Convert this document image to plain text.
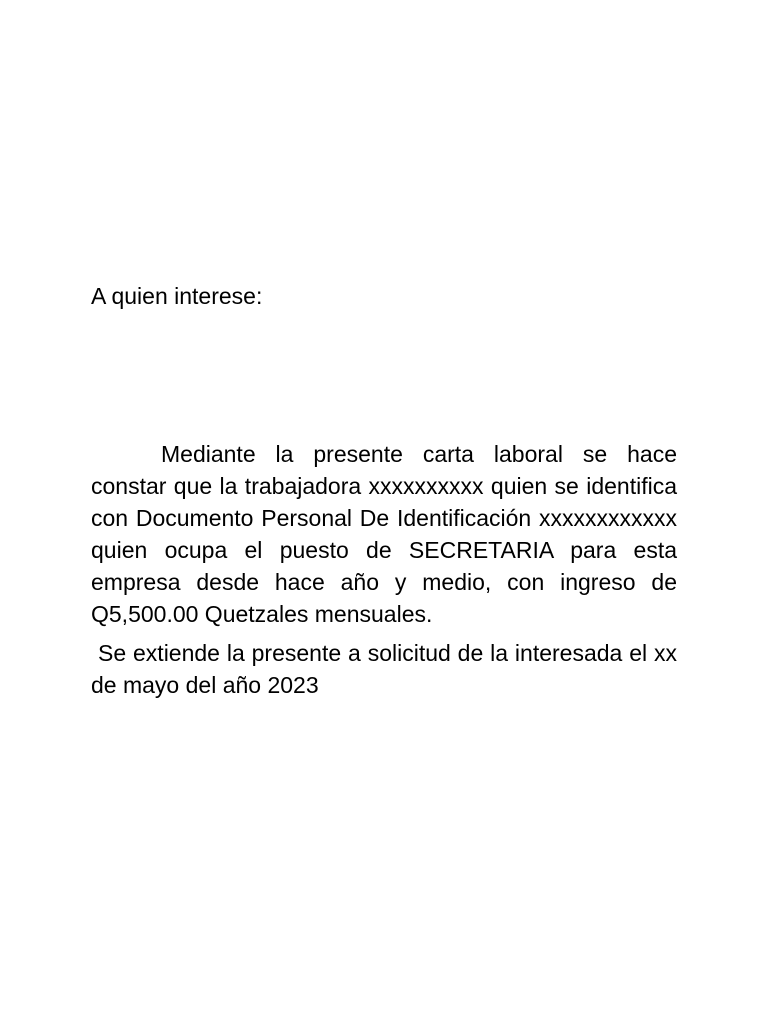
A quien interese:

Mediante la presente carta laboral se hace constar que la trabajadora xxxxxxxxxx quien se identifica con Documento Personal De Identificación xxxxxxxxxxxx quien ocupa el puesto de SECRETARIA para esta empresa desde hace año y medio, con ingreso de Q5,500.00 Quetzales mensuales.

Se extiende la presente a solicitud de la interesada el xx de mayo del año 2023
